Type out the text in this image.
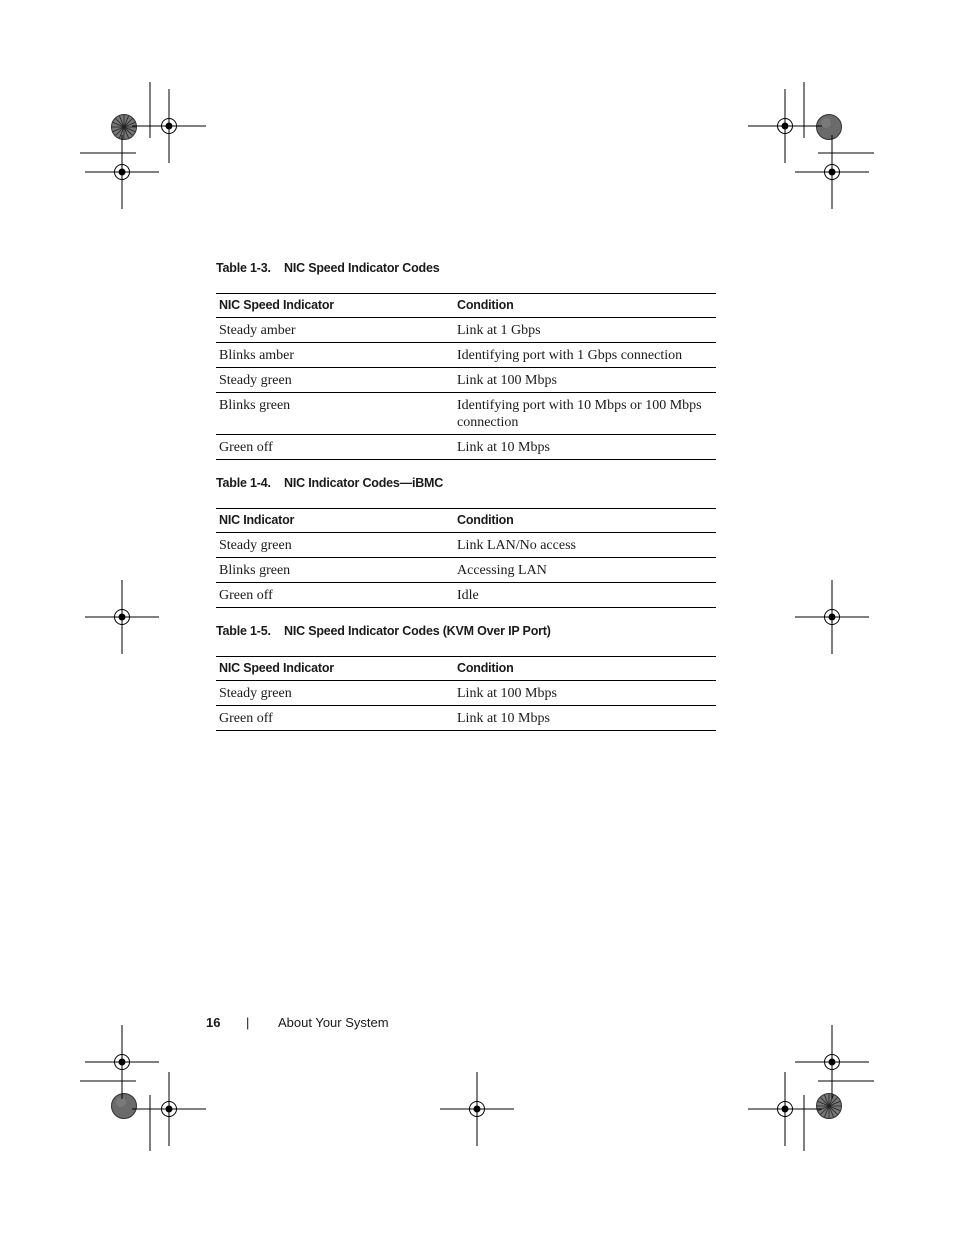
Table 1-3. NIC Speed Indicator Codes
NIC Speed Indicator	Condition
Steady amber	Link at 1 Gbps
Blinks amber	Identifying port with 1 Gbps connection
Steady green	Link at 100 Mbps
Blinks green	Identifying port with 10 Mbps or 100 Mbps connection
Green off	Link at 10 Mbps
Table 1-4. NIC Indicator Codes—iBMC
NIC Indicator	Condition
Steady green	Link LAN/No access
Blinks green	Accessing LAN
Green off	Idle
Table 1-5. NIC Speed Indicator Codes (KVM Over IP Port)
NIC Speed Indicator	Condition
Steady green	Link at 100 Mbps
Green off	Link at 10 Mbps
16 | About Your System
